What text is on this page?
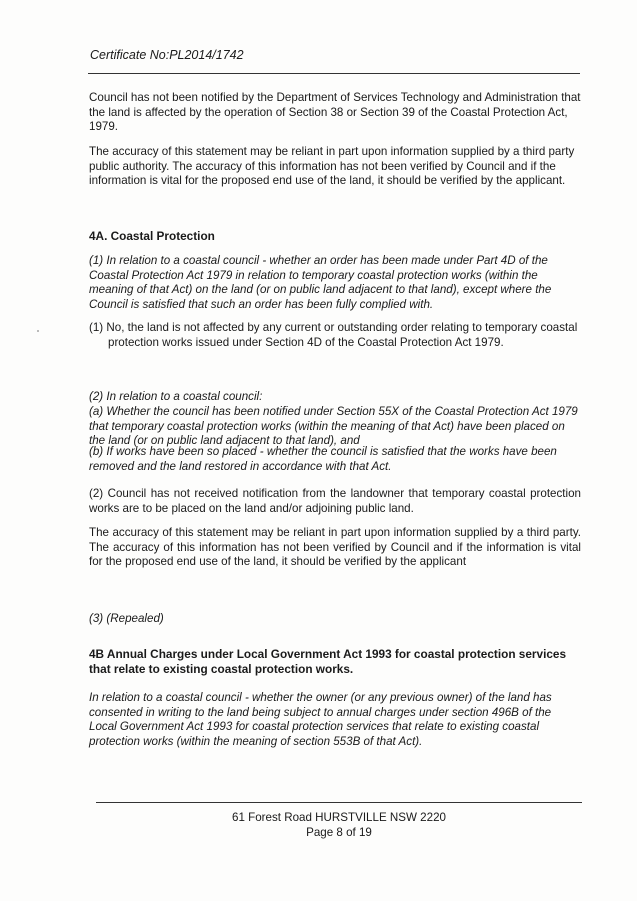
Certificate No:PL2014/1742

Council has not been notified by the Department of Services Technology and Administration that the land is affected by the operation of Section 38 or Section 39 of the Coastal Protection Act, 1979.

The accuracy of this statement may be reliant in part upon information supplied by a third party public authority. The accuracy of this information has not been verified by Council and if the information is vital for the proposed end use of the land, it should be verified by the applicant.

4A. Coastal Protection

(1) In relation to a coastal council - whether an order has been made under Part 4D of the Coastal Protection Act 1979 in relation to temporary coastal protection works (within the meaning of that Act) on the land (or on public land adjacent to that land), except where the Council is satisfied that such an order has been fully complied with.

(1) No, the land is not affected by any current or outstanding order relating to temporary coastal protection works issued under Section 4D of the Coastal Protection Act 1979.

(2) In relation to a coastal council:

(a) Whether the council has been notified under Section 55X of the Coastal Protection Act 1979 that temporary coastal protection works (within the meaning of that Act) have been placed on the land (or on public land adjacent to that land), and

(b) If works have been so placed - whether the council is satisfied that the works have been removed and the land restored in accordance with that Act.

(2) Council has not received notification from the landowner that temporary coastal protection works are to be placed on the land and/or adjoining public land.

The accuracy of this statement may be reliant in part upon information supplied by a third party. The accuracy of this information has not been verified by Council and if the information is vital for the proposed end use of the land, it should be verified by the applicant

(3) (Repealed)

4B Annual Charges under Local Government Act 1993 for coastal protection services that relate to existing coastal protection works.

In relation to a coastal council - whether the owner (or any previous owner) of the land has consented in writing to the land being subject to annual charges under section 496B of the Local Government Act 1993 for coastal protection services that relate to existing coastal protection works (within the meaning of section 553B of that Act).

61 Forest Road HURSTVILLE NSW 2220
Page 8 of 19
